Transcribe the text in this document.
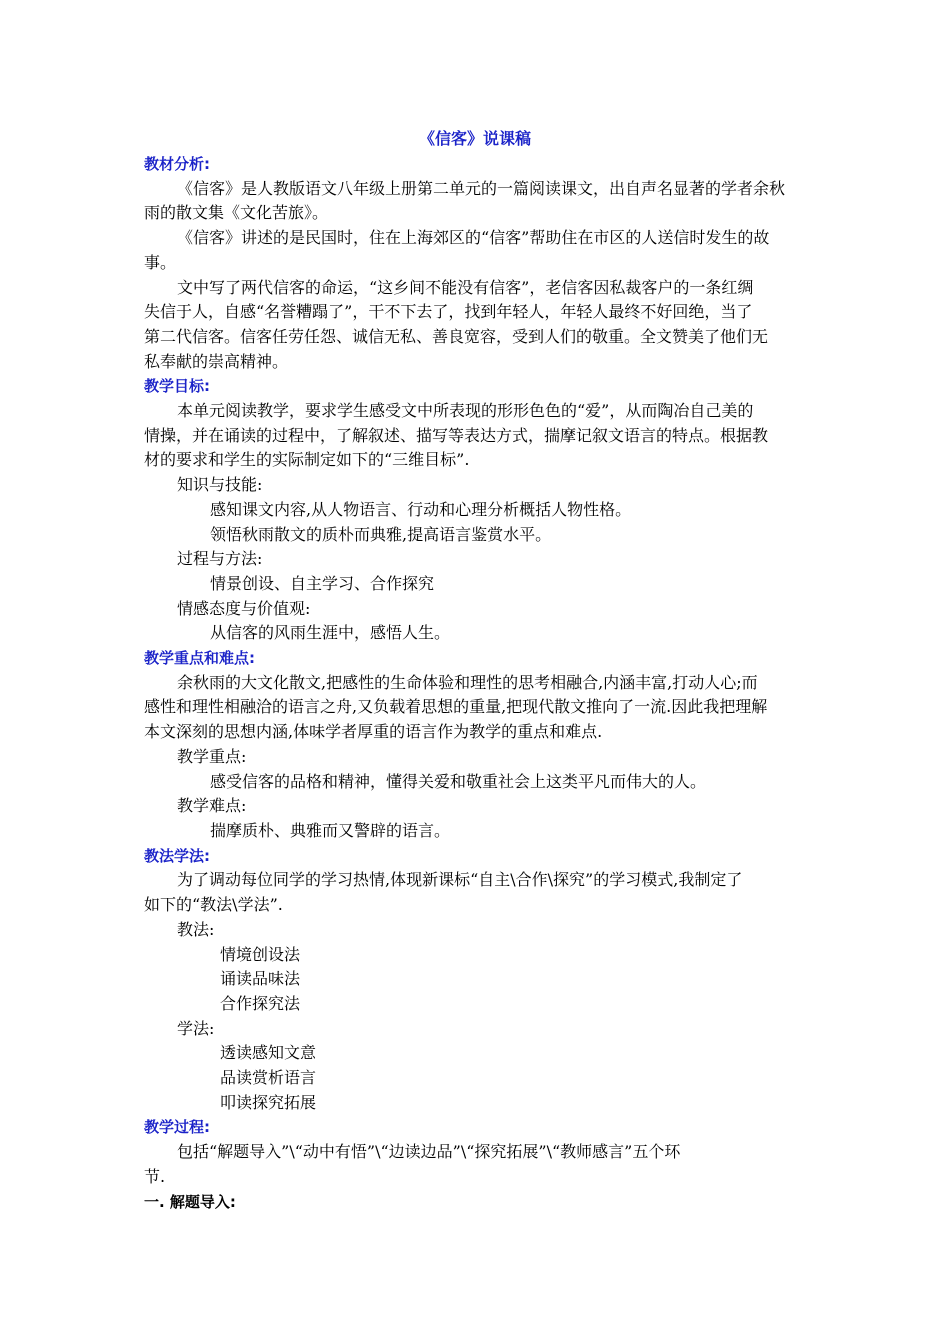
《信客》说课稿
教材分析:
《信客》是人教版语文八年级上册第二单元的一篇阅读课文，出自声名显著的学者余秋
雨的散文集《文化苦旅》。
《信客》讲述的是民国时，住在上海郊区的“信客”帮助住在市区的人送信时发生的故
事。
文中写了两代信客的命运，“这乡间不能没有信客”，老信客因私裁客户的一条红绸
失信于人，自感“名誉糟蹋了”，干不下去了，找到年轻人，年轻人最终不好回绝，当了
第二代信客。信客任劳任怨、诚信无私、善良宽容，受到人们的敬重。全文赞美了他们无
私奉献的崇高精神。
教学目标:
本单元阅读教学，要求学生感受文中所表现的形形色色的“爱”，从而陶冶自己美的
情操，并在诵读的过程中，了解叙述、描写等表达方式，揣摩记叙文语言的特点。根据教
材的要求和学生的实际制定如下的“三维目标”.
知识与技能:
感知课文内容,从人物语言、行动和心理分析概括人物性格。
领悟秋雨散文的质朴而典雅,提高语言鉴赏水平。
过程与方法:
情景创设、自主学习、合作探究
情感态度与价值观:
从信客的风雨生涯中，感悟人生。
教学重点和难点:
余秋雨的大文化散文,把感性的生命体验和理性的思考相融合,内涵丰富,打动人心;而
感性和理性相融洽的语言之舟,又负载着思想的重量,把现代散文推向了一流.因此我把理解
本文深刻的思想内涵,体味学者厚重的语言作为教学的重点和难点.
教学重点:
感受信客的品格和精神，懂得关爱和敬重社会上这类平凡而伟大的人。
教学难点:
揣摩质朴、典雅而又警辟的语言。
教法学法:
为了调动每位同学的学习热情,体现新课标“自主\合作\探究”的学习模式,我制定了
如下的“教法\学法”.
教法:
情境创设法
诵读品味法
合作探究法
学法:
透读感知文意
品读赏析语言
叩读探究拓展
教学过程:
包括“解题导入”\“动中有悟”\“边读边品”\“探究拓展”\“教师感言”五个环
节.
一. 解题导入:
